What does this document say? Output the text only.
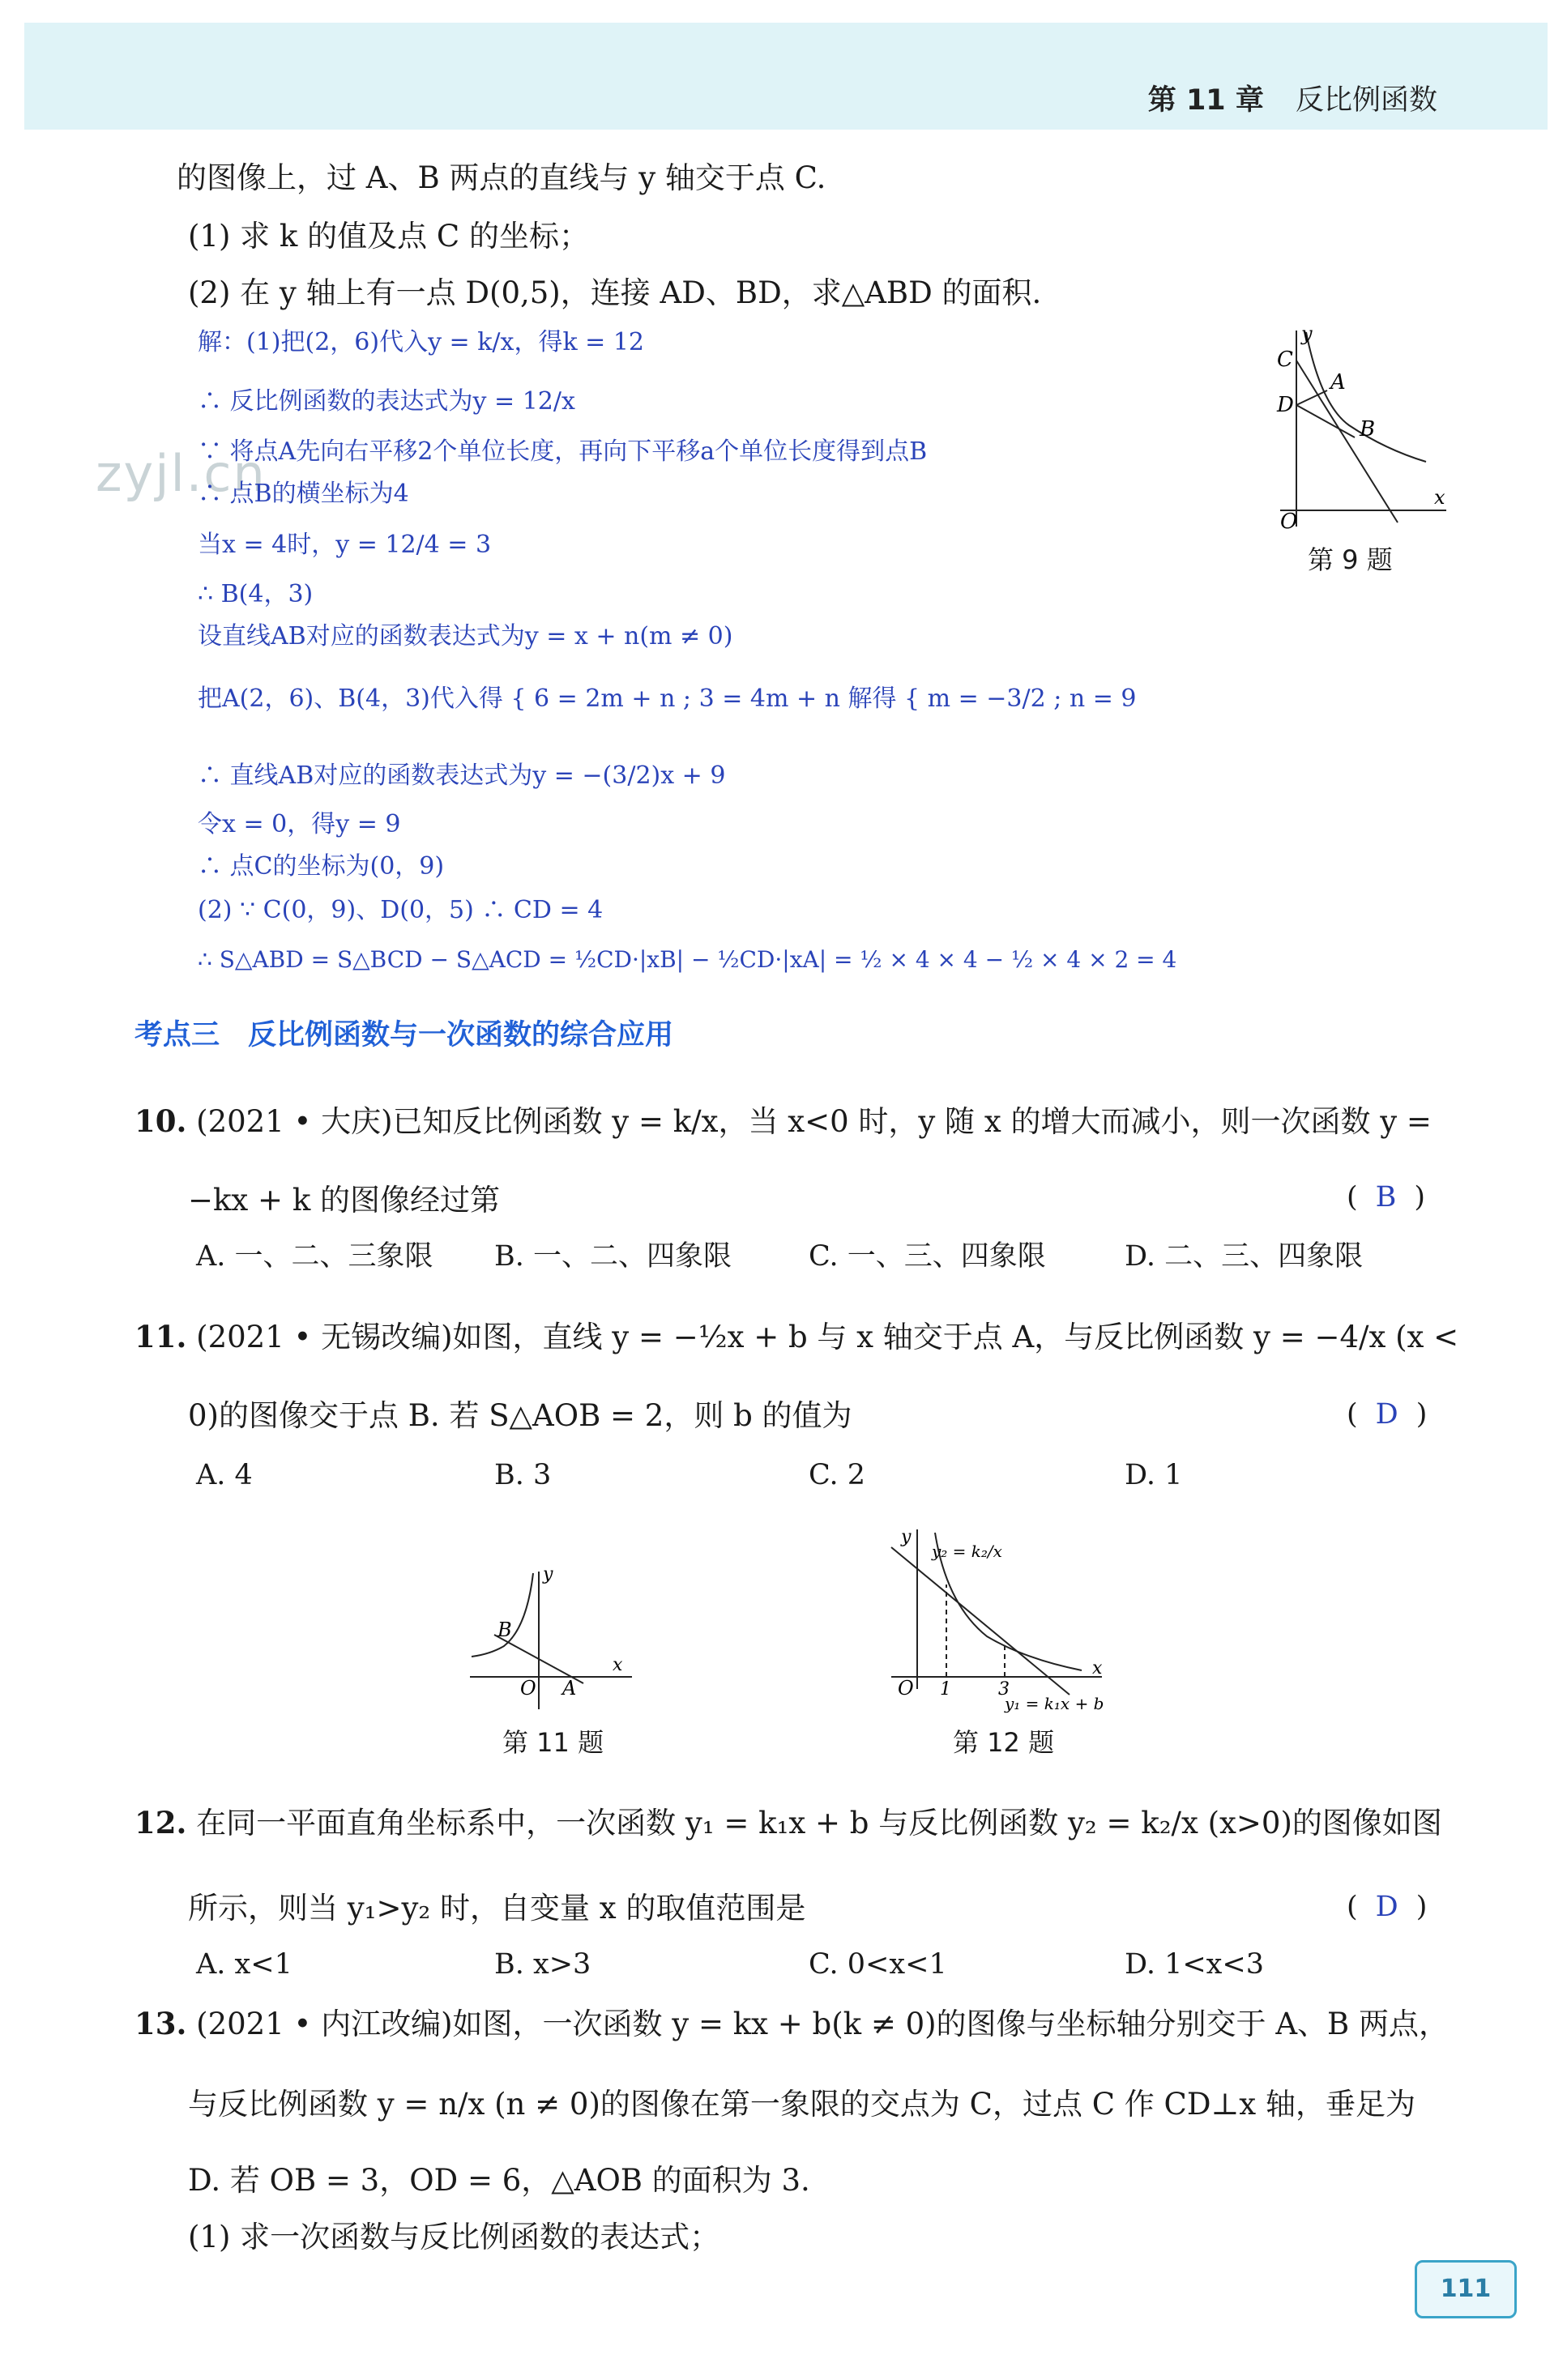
第 11 章 反比例函数
zyjl.cn
的图像上，过 A、B 两点的直线与 y 轴交于点 C.
(1) 求 k 的值及点 C 的坐标；
(2) 在 y 轴上有一点 D(0,5)，连接 AD、BD，求△ABD 的面积.
解：(1)把(2，6)代入y = k/x，得k = 12
∴ 反比例函数的表达式为y = 12/x
∵ 将点A先向右平移2个单位长度，再向下平移a个单位长度得到点B
∴ 点B的横坐标为4
当x = 4时，y = 12/4 = 3
∴ B(4，3)
设直线AB对应的函数表达式为y = x + n(m ≠ 0)
把A(2，6)、B(4，3)代入得 { 6 = 2m + n ; 3 = 4m + n 解得 { m = −3/2 ; n = 9
∴ 直线AB对应的函数表达式为y = −(3/2)x + 9
令x = 0，得y = 9
∴ 点C的坐标为(0，9)
(2) ∵ C(0，9)、D(0，5) ∴ CD = 4
∴ S△ABD = S△BCD − S△ACD = ½CD·|xB| − ½CD·|xA| = ½ × 4 × 4 − ½ × 4 × 2 = 4
y
C
A
D
B
O
x
第 9 题
考点三　反比例函数与一次函数的综合应用
10. (2021 • 大庆)已知反比例函数 y = k/x，当 x<0 时，y 随 x 的增大而减小，则一次函数 y =
−kx + k 的图像经过第	( B )
A. 一、二、三象限 B. 一、二、四象限	C. 一、三、四象限	D. 二、三、四象限
11. (2021 • 无锡改编)如图，直线 y = −½x + b 与 x 轴交于点 A，与反比例函数 y = −4/x (x <
0)的图像交于点 B. 若 S△AOB = 2，则 b 的值为	( D )
A. 4	B. 3	C. 2	D. 1
y
B
O A
x
第 11 题
y
y₂ = k₂/x
O 1	3
y₁ = k₁x + b
x
第 12 题
12. 在同一平面直角坐标系中，一次函数 y₁ = k₁x + b 与反比例函数 y₂ = k₂/x (x>0)的图像如图
所示，则当 y₁>y₂ 时，自变量 x 的取值范围是	( D )
A. x<1	B. x>3	C. 0<x<1	D. 1<x<3
13. (2021 • 内江改编)如图，一次函数 y = kx + b(k ≠ 0)的图像与坐标轴分别交于 A、B 两点，
与反比例函数 y = n/x (n ≠ 0)的图像在第一象限的交点为 C，过点 C 作 CD⊥x 轴，垂足为
D. 若 OB = 3，OD = 6，△AOB 的面积为 3.
(1) 求一次函数与反比例函数的表达式；
111
